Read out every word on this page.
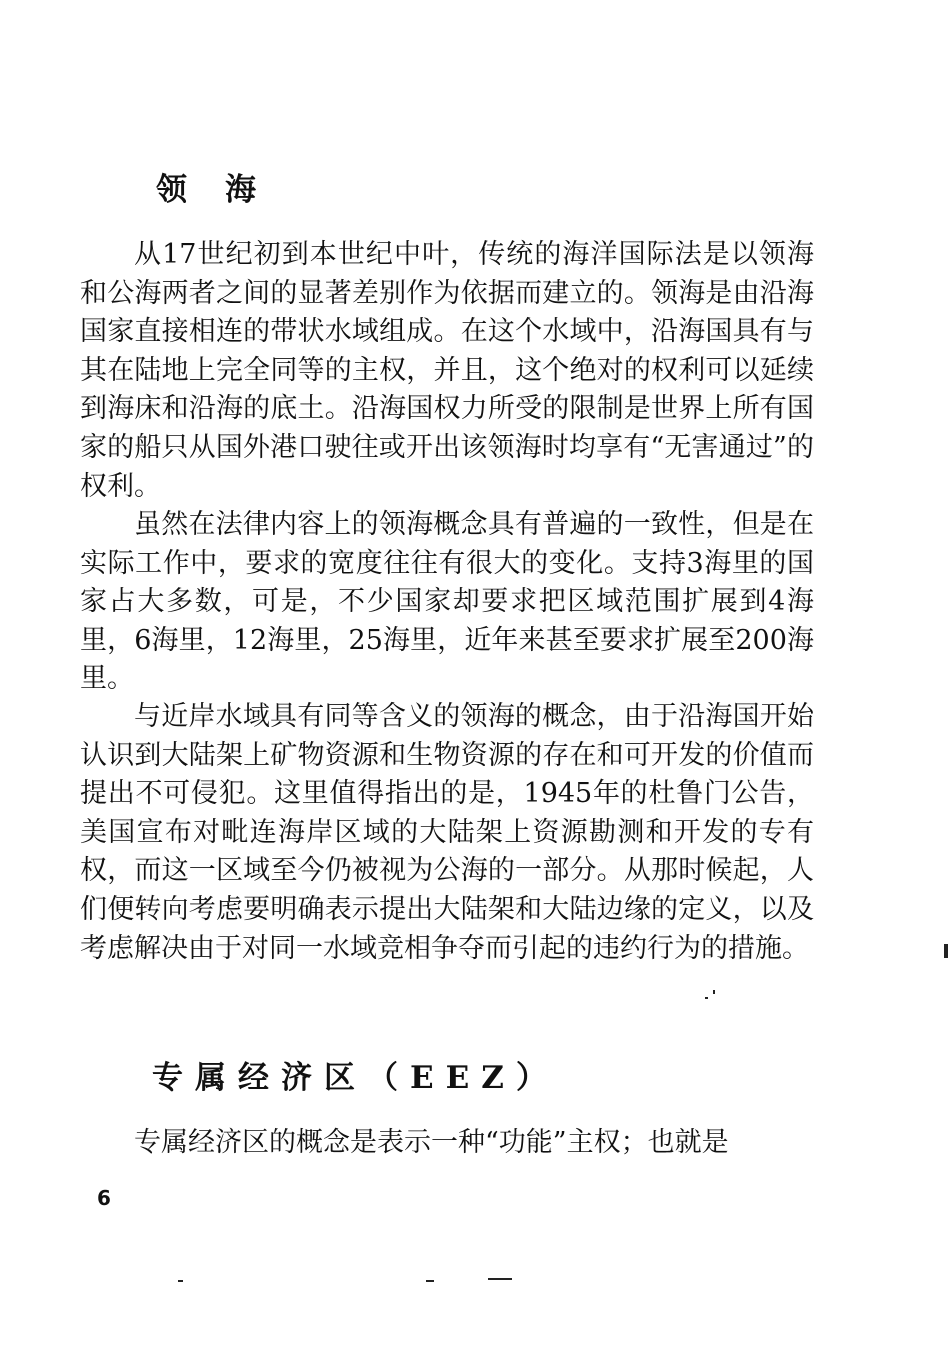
领海

从17世纪初到本世纪中叶，传统的海洋国际法是以领海和公海两者之间的显著差别作为依据而建立的。领海是由沿海国家直接相连的带状水域组成。在这个水域中，沿海国具有与其在陆地上完全同等的主权，并且，这个绝对的权利可以延续到海床和沿海的底土。沿海国权力所受的限制是世界上所有国家的船只从国外港口驶往或开出该领海时均享有“无害通过”的权利。

虽然在法律内容上的领海概念具有普遍的一致性，但是在实际工作中，要求的宽度往往有很大的变化。支持3海里的国家占大多数，可是，不少国家却要求把区域范围扩展到4海里，6海里，12海里，25海里，近年来甚至要求扩展至200海里。

与近岸水域具有同等含义的领海的概念，由于沿海国开始认识到大陆架上矿物资源和生物资源的存在和可开发的价值而提出不可侵犯。这里值得指出的是，1945年的杜鲁门公告，美国宣布对毗连海岸区域的大陆架上资源勘测和开发的专有权，而这一区域至今仍被视为公海的一部分。从那时候起，人们便转向考虑要明确表示提出大陆架和大陆边缘的定义，以及考虑解决由于对同一水域竞相争夺而引起的违约行为的措施。

专属经济区（EEZ）

专属经济区的概念是表示一种“功能”主权；也就是

6
